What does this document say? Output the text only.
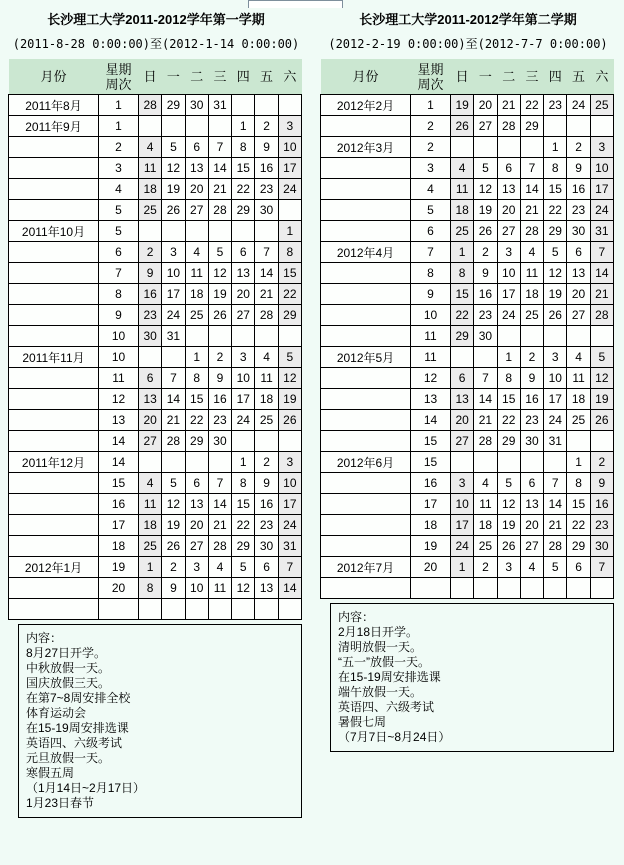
长沙理工大学2011-2012学年第一学期
(2011-8-28 0:00:00)至(2012-1-14 0:00:00)
月份	星期
周次	日	一	二	三	四	五	六
2011年8月	1	28	29	30	31			
2011年9月	1					1	2	3
	2	4	5	6	7	8	9	10
	3	11	12	13	14	15	16	17
	4	18	19	20	21	22	23	24
	5	25	26	27	28	29	30	
2011年10月	5							1
	6	2	3	4	5	6	7	8
	7	9	10	11	12	13	14	15
	8	16	17	18	19	20	21	22
	9	23	24	25	26	27	28	29
	10	30	31					
2011年11月	10			1	2	3	4	5
	11	6	7	8	9	10	11	12
	12	13	14	15	16	17	18	19
	13	20	21	22	23	24	25	26
	14	27	28	29	30			
2011年12月	14					1	2	3
	15	4	5	6	7	8	9	10
	16	11	12	13	14	15	16	17
	17	18	19	20	21	22	23	24
	18	25	26	27	28	29	30	31
2012年1月	19	1	2	3	4	5	6	7
	20	8	9	10	11	12	13	14

内容：
8月27日开学。
中秋放假一天。
国庆放假三天。
在第7~8周安排全校
体育运动会
在15-19周安排选课
英语四、六级考试
元旦放假一天。
寒假五周
（1月14日~2月17日）
1月23日春节
长沙理工大学2011-2012学年第二学期
(2012-2-19 0:00:00)至(2012-7-7 0:00:00)
月份	星期
周次	日	一	二	三	四	五	六
2012年2月	1	19	20	21	22	23	24	25
	2	26	27	28	29			
2012年3月	2					1	2	3
	3	4	5	6	7	8	9	10
	4	11	12	13	14	15	16	17
	5	18	19	20	21	22	23	24
	6	25	26	27	28	29	30	31
2012年4月	7	1	2	3	4	5	6	7
	8	8	9	10	11	12	13	14
	9	15	16	17	18	19	20	21
	10	22	23	24	25	26	27	28
	11	29	30					
2012年5月	11			1	2	3	4	5
	12	6	7	8	9	10	11	12
	13	13	14	15	16	17	18	19
	14	20	21	22	23	24	25	26
	15	27	28	29	30	31		
2012年6月	15						1	2
	16	3	4	5	6	7	8	9
	17	10	11	12	13	14	15	16
	18	17	18	19	20	21	22	23
	19	24	25	26	27	28	29	30
2012年7月	20	1	2	3	4	5	6	7

内容：
2月18日开学。
清明放假一天。
“五一”放假一天。
在15-19周安排选课
端午放假一天。
英语四、六级考试
暑假七周
（7月7日~8月24日）
